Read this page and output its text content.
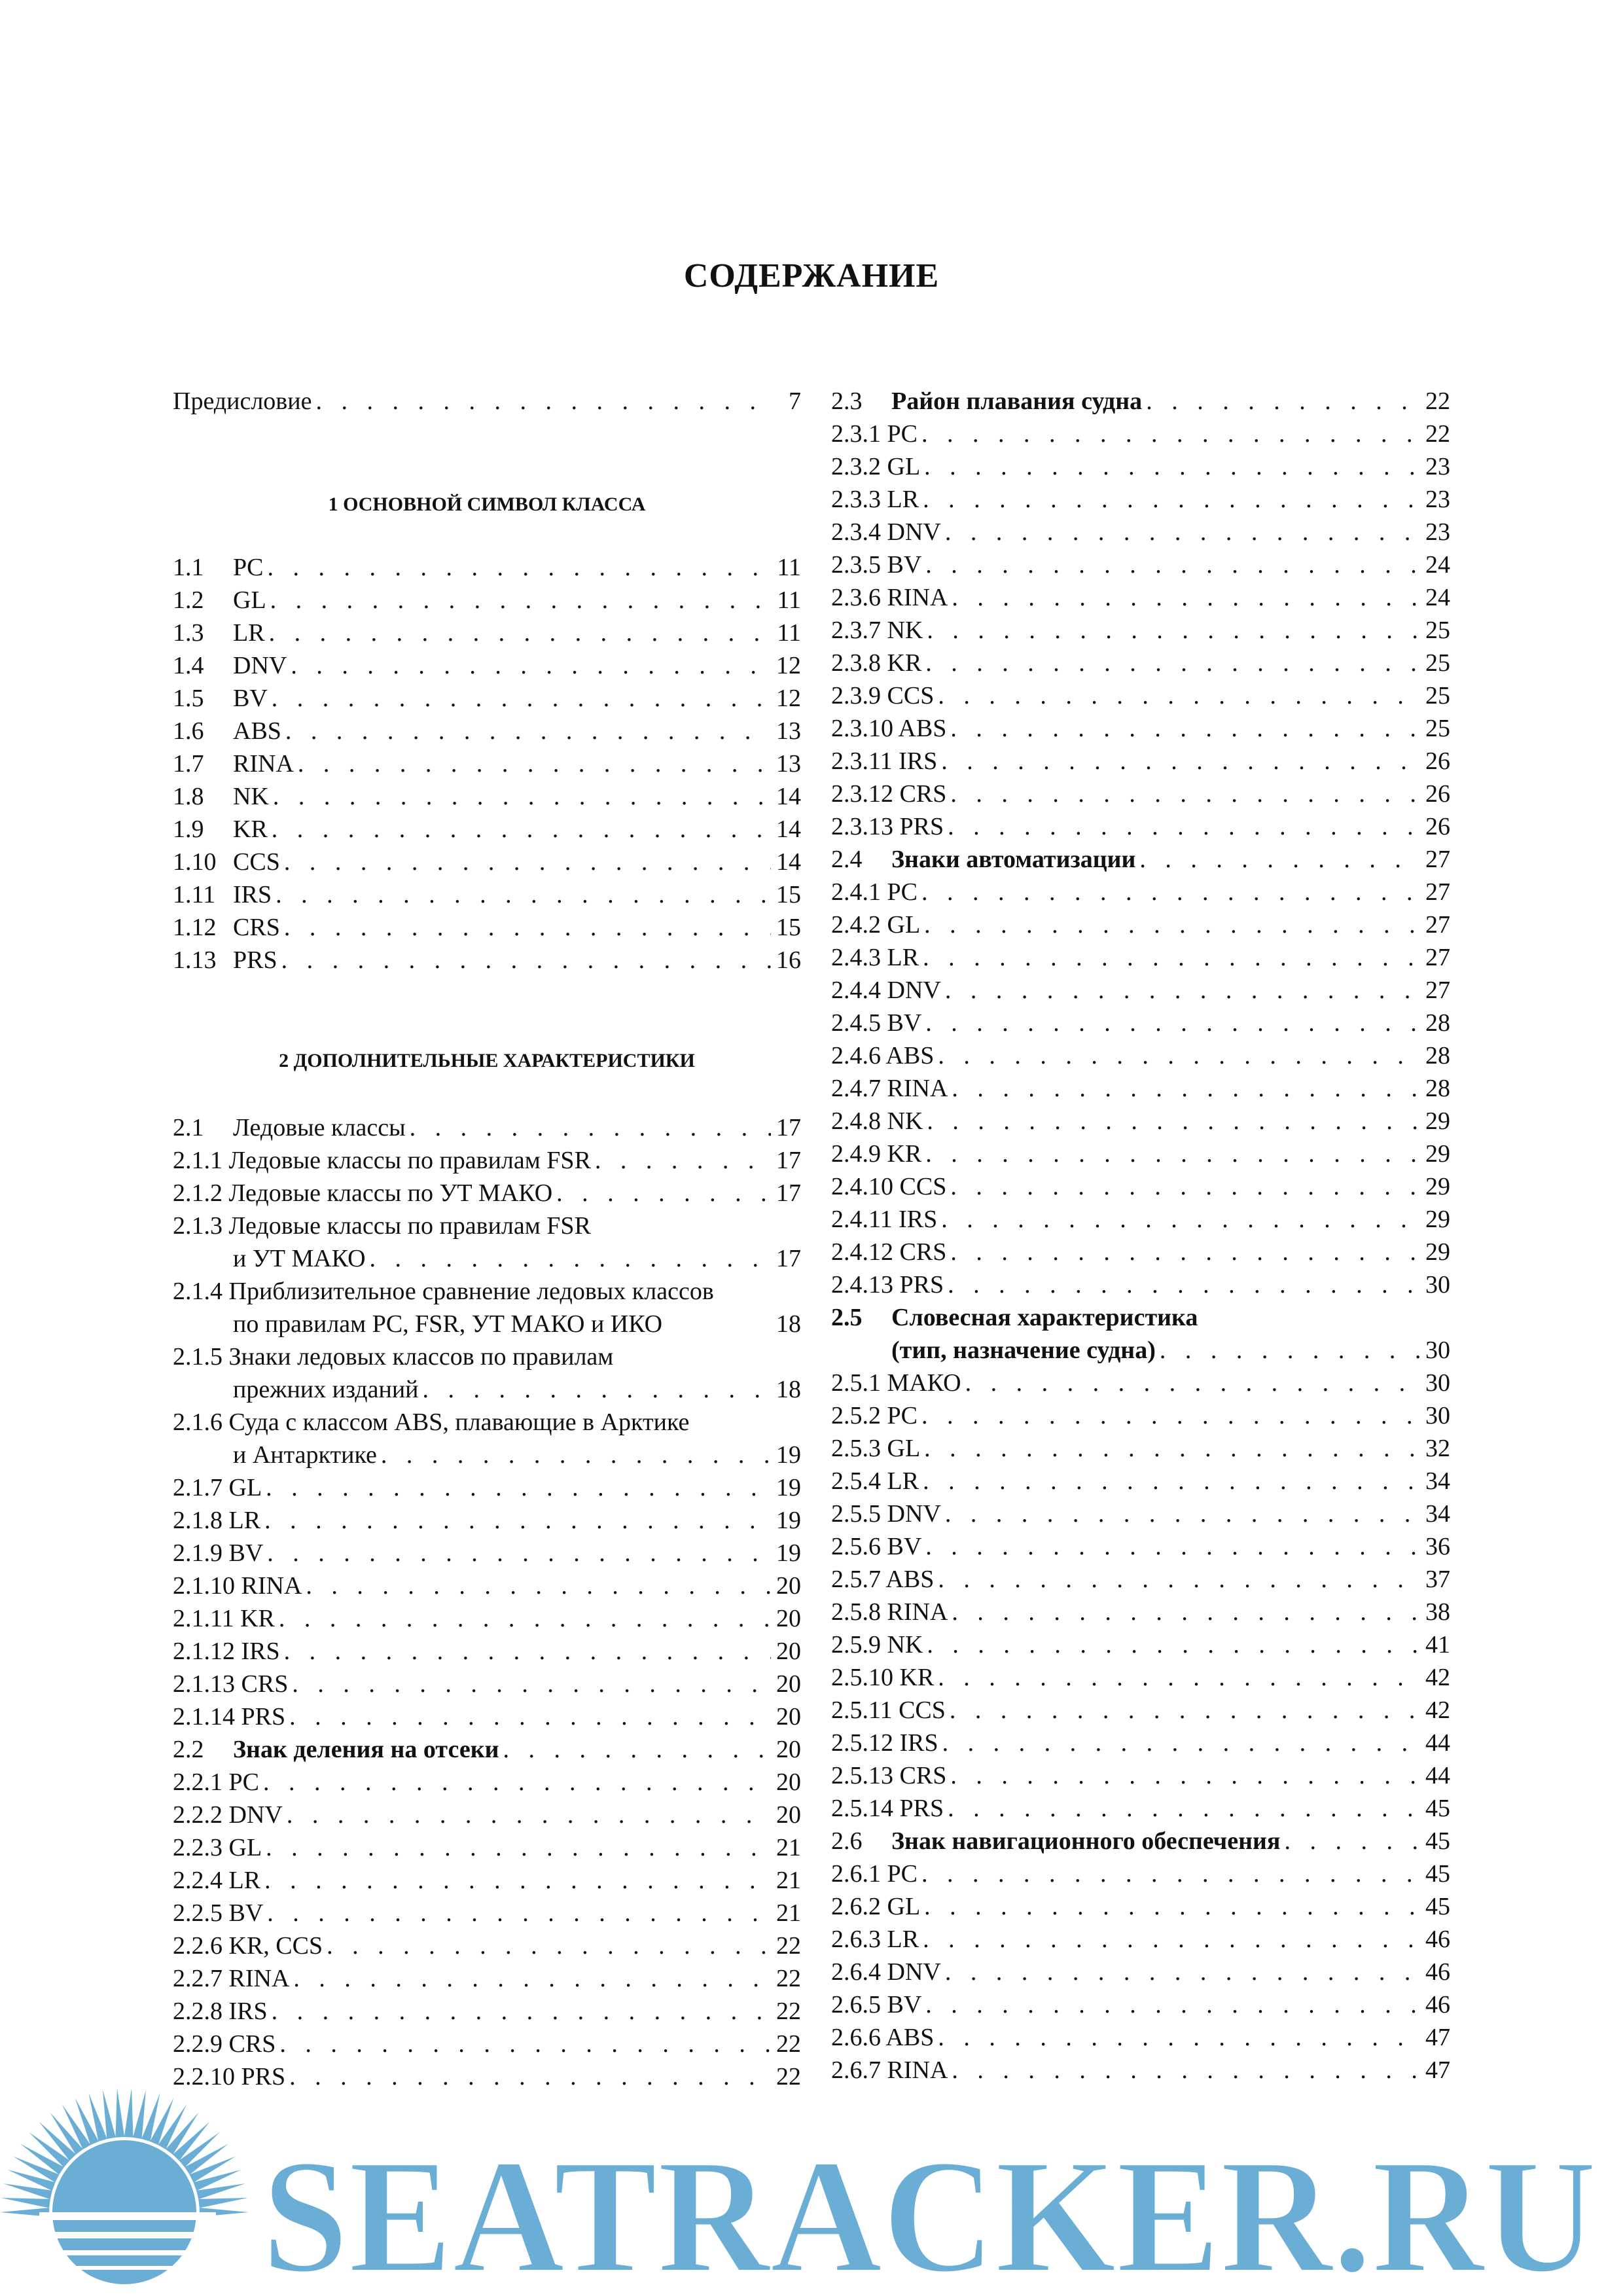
СОДЕРЖАНИЕ
Предисловие . . .	7
1 ОСНОВНОЙ СИМВОЛ КЛАССА
1.1	PC . . .	11
1.2	GL . . .	11
1.3	LR . . .	11
1.4	DNV . . .	12
1.5	BV . . .	12
1.6	ABS . . .	13
1.7	RINA . . .	13
1.8	NK . . .	14
1.9	KR . . .	14
1.10 CCS . . .	14
1.11 IRS . . .	15
1.12 CRS . . .	15
1.13 PRS . . .	16
2 ДОПОЛНИТЕЛЬНЫЕ ХАРАКТЕРИСТИКИ
2.1	Ледовые классы . . .	17
2.1.1 Ледовые классы по правилам FSR . . .	17
2.1.2 Ледовые классы по УТ МАКО . . .	17
2.1.3 Ледовые классы по правилам FSR
и УТ МАКО . . .	17
2.1.4 Приблизительное сравнение ледовых классов
по правилам PC, FSR, УТ МАКО и ИКО	18
2.1.5 Знаки ледовых классов по правилам
прежних изданий . . .	18
2.1.6 Суда с классом ABS, плавающие в Арктике
и Антарктике . . .	19
2.1.7 GL . . .	19
2.1.8 LR . . .	19
2.1.9 BV . . .	19
2.1.10 RINA . . .	20
2.1.11 KR . . .	20
2.1.12 IRS . . .	20
2.1.13 CRS . . .	20
2.1.14 PRS . . .	20
2.2	Знак деления на отсеки . . .	20
2.2.1 PC . . .	20
2.2.2 DNV . . .	20
2.2.3 GL . . .	21
2.2.4 LR . . .	21
2.2.5 BV . . .	21
2.2.6 KR, CCS . . .	22
2.2.7 RINA . . .	22
2.2.8 IRS . . .	22
2.2.9 CRS . . .	22
2.2.10 PRS . . .	22
2.3	Район плавания судна . . .	22
2.3.1 PC . . .	22
2.3.2 GL . . .	23
2.3.3 LR . . .	23
2.3.4 DNV . . .	23
2.3.5 BV . . .	24
2.3.6 RINA . . .	24
2.3.7 NK . . .	25
2.3.8 KR . . .	25
2.3.9 CCS . . .	25
2.3.10 ABS . . .	25
2.3.11 IRS . . .	26
2.3.12 CRS . . .	26
2.3.13 PRS . . .	26
2.4	Знаки автоматизации . . .	27
2.4.1 PC . . .	27
2.4.2 GL . . .	27
2.4.3 LR . . .	27
2.4.4 DNV . . .	27
2.4.5 BV . . .	28
2.4.6 ABS . . .	28
2.4.7 RINA . . .	28
2.4.8 NK . . .	29
2.4.9 KR . . .	29
2.4.10 CCS . . .	29
2.4.11 IRS . . .	29
2.4.12 CRS . . .	29
2.4.13 PRS . . .	30
2.5 Словесная характеристика
(тип, назначение судна) . . .	30
2.5.1 МАКО . . .	30
2.5.2 PC . . .	30
2.5.3 GL . . .	32
2.5.4 LR . . .	34
2.5.5 DNV . . .	34
2.5.6 BV . . .	36
2.5.7 ABS . . .	37
2.5.8 RINA . . .	38
2.5.9 NK . . .	41
2.5.10 KR . . .	42
2.5.11 CCS . . .	42
2.5.12 IRS . . .	44
2.5.13 CRS . . .	44
2.5.14 PRS . . .	45
2.6	Знак навигационного обеспечения . . .	45
2.6.1 PC . . .	45
2.6.2 GL . . .	45
2.6.3 LR . . .	46
2.6.4 DNV . . .	46
2.6.5 BV . . .	46
2.6.6 ABS . . .	47
2.6.7 RINA . . .	47
SEATRACKER.RU
